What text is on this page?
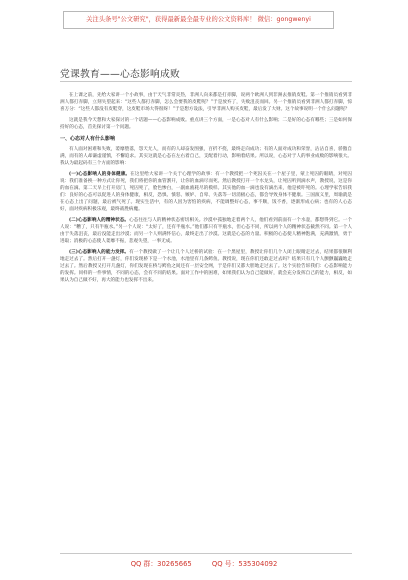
关注头条号"公文研究"，获得最新最全最专业的公文资料库！ 微信：gongwenyi
党课教育——心态影响成败

在上课之前，先给大家讲一个小故事，由于天气非常炎热，非洲人向来都是打赤脚，说两个欧洲人到非洲去推销皮鞋。第一个推销员看到非洲人都打赤脚，立刻失望起来：“这些人都打赤脚，怎么会要我的皮鞋呢？”于是放弃了，失败沮丧而回。另一个推销员看到非洲人都打赤脚，惊喜万分：“这些人都没有皮鞋穿，这皮鞋市场大得很呀！”于是想方设法，引导非洲人购买皮鞋，最后发了大财。这个故事说明一个什么问题呢？

这就是我今天想和大家探讨的一个话题——心态影响成败。重点讲三个方面，一是心态对人有什么影响；二是好的心态有哪些；三是如何保持好的心态，首先探讨第一个问题。

一、心态对人有什么影响

有人面对困难和失败，萎靡堕落，怨天尤人，而有的人却奋发图强，百折不挠，最终走向成功；有的人面对成功和荣誉，沾沾自喜，骄傲自满，而有的人却谦虚谨慎，不懈追求。其实这就是心态在左右着自己，支配着行动，影响着结果。所以说，心态对于人的事业成败的影响很大。我认为最起码有三个方面的影响：

(一)心态影响人的身体健康。在这里给大家讲一个关于心理学的故事：有一个教授把一个死囚关在一个屋子里，蒙上死囚的眼睛，对死囚说：我们准备换一种方式让你死，我们将把你的血管割开，让你的血滴尽而死。然后教授打开一个水龙头，让死囚听到滴水声，教授说，这是你的血在滴。第二天早上打开房门，死囚死了，脸色惨白，一副血液耗尽的模样。其实他的血一滴也没有滴出来，他是被吓死的。心理学家告诉我们：良好的心态可以促进人的身体健康，相反，恐惧、愤怒、嫉妒、自卑、失落等一切消极心态，都会导致身体不健康。三国演义里，周瑜就是在心态上出了问题，最后被气死了。现实生活中，有的人因为害怕的疾病，不能调整好心态，事不顺，饭不香，逐渐形成心病；也有的人心态好，面对疾病积极乐观，最终战胜病魔。

(二)心态影响人的精神状态。心态往往与人的精神状态密切相关。沙漠中孤独地走着两个人，他们看到前面有一个水壶，都想得到它。一个人说：“糟了，只有半瓶水。”另一个人说：“太好了，还有半瓶水。”他们都只有半瓶水，但心态不同，所以两个人的精神状态截然不同。第一个人由于失落沮丧，最后没能走出沙漠；而另一个人则满怀信心，最终走出了沙漠。这就是心态的力量。积极的心态使人精神饱满，充满激情，勇于进取；消极的心态使人萎靡不振，悲观失望，一事无成。

(三)心态影响人的能力发挥。有一个教授做了一个让几个人过桥的试验：在一个黑屋里，教授让你们几个人闭上眼睛走过去，结果都很顺利地走过去了。然后打开一盏灯，你们发现桥下是一个水池，水池里有几条鳄鱼。教授说，现在你们还敢走过去吗？结果只有几个人颤颤巍巍地走过去了。然后教授又打开几盏灯，你们发现在桥与鳄鱼之间还有一层安全网，于是你们又都大胆地走过去了。这个实验告诉我们：心态影响能力的发挥。同样的一件事情，不同的心态，会有不同的结果。面对工作中的困难，如果我们认为自己能做好，就会充分发挥自己的能力，相反，如果认为自己做不好，再大的能力也发挥不出来。

QQ 群：30265665	QQ 号：535304092
